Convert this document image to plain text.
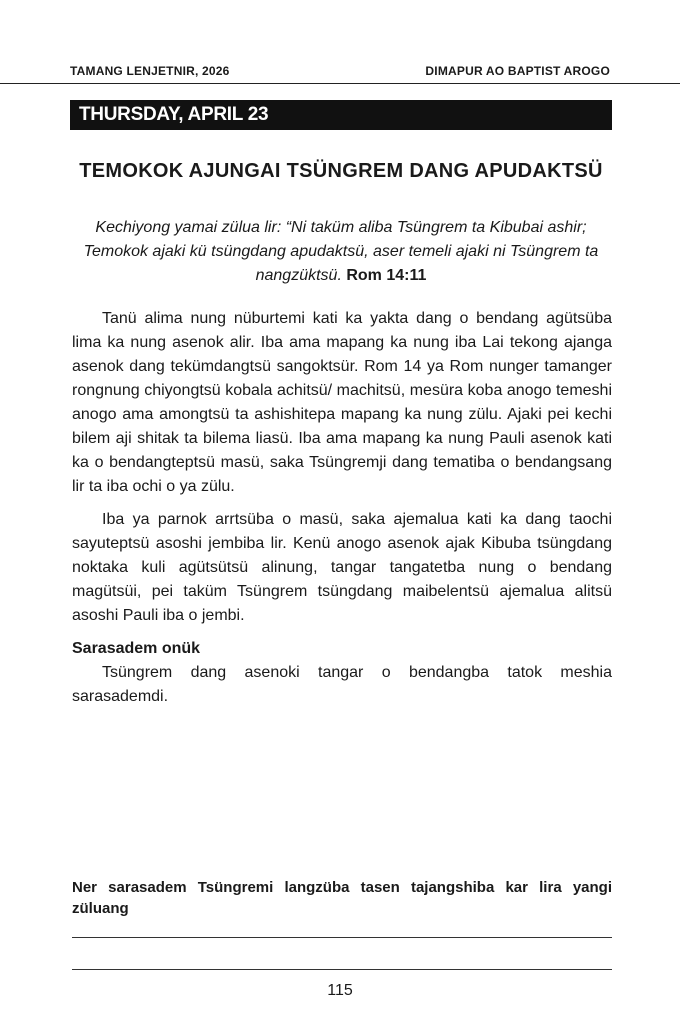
TAMANG LENJETNIR, 2026	DIMAPUR AO BAPTIST AROGO
THURSDAY, APRIL 23
TEMOKOK AJUNGAI TSÜNGREM DANG APUDAKTSÜ
Kechiyong yamai zülua lir: “Ni taküm aliba Tsüngrem ta Kibubai ashir; Temokok ajaki kü tsüngdang apudaktsü, aser temeli ajaki ni Tsüngrem ta nangzüktsü. Rom 14:11

Tanü alima nung nüburtemi kati ka yakta dang o bendang agütsüba lima ka nung asenok alir. Iba ama mapang ka nung iba Lai tekong ajanga asenok dang tekümdangtsü sangoktsür. Rom 14 ya Rom nunger tamanger rongnung chiyongtsü kobala achitsü/ machitsü, mesüra koba anogo temeshi anogo ama amongtsü ta ashishitepa mapang ka nung zülu. Ajaki pei kechi bilem aji shitak ta bilema liasü. Iba ama mapang ka nung Pauli asenok kati ka o bendangteptsü masü, saka Tsüngremji dang tematiba o bendangsang lir ta iba ochi o ya zülu.

Iba ya parnok arrtsüba o masü, saka ajemalua kati ka dang taochi sayuteptsü asoshi jembiba lir. Kenü anogo asenok ajak Kibuba tsüngdang noktaka kuli agütsütsü alinung, tangar tangatetba nung o bendang magütsüi, pei taküm Tsüngrem tsüngdang maibelentsü ajemalua alitsü asoshi Pauli iba o jembi.

Sarasadem onük

Tsüngrem dang asenoki tangar o bendangba tatok meshia sarasademdi.

Ner sarasadem Tsüngremi langzüba tasen tajangshiba kar lira yangi züluang
115
